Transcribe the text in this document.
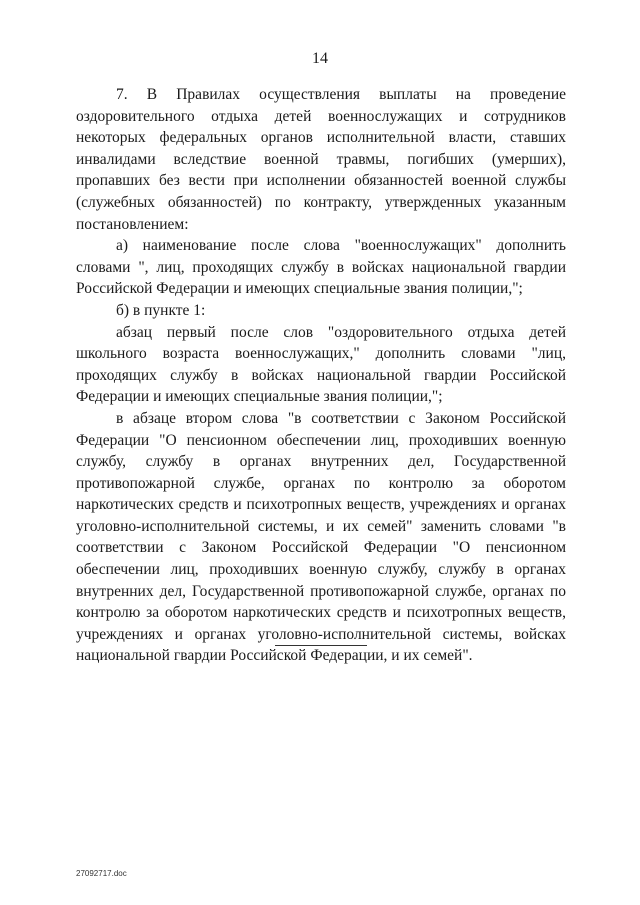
14

7. В Правилах осуществления выплаты на проведение оздоровительного отдыха детей военнослужащих и сотрудников некоторых федеральных органов исполнительной власти, ставших инвалидами вследствие военной травмы, погибших (умерших), пропавших без вести при исполнении обязанностей военной службы (служебных обязанностей) по контракту, утвержденных указанным постановлением:

а) наименование после слова "военнослужащих" дополнить словами ", лиц, проходящих службу в войсках национальной гвардии Российской Федерации и имеющих специальные звания полиции,";

б) в пункте 1:

абзац первый после слов "оздоровительного отдыха детей школьного возраста военнослужащих," дополнить словами "лиц, проходящих службу в войсках национальной гвардии Российской Федерации и имеющих специальные звания полиции,";

в абзаце втором слова "в соответствии с Законом Российской Федерации "О пенсионном обеспечении лиц, проходивших военную службу, службу в органах внутренних дел, Государственной противопожарной службе, органах по контролю за оборотом наркотических средств и психотропных веществ, учреждениях и органах уголовно-исполнительной системы, и их семей" заменить словами "в соответствии с Законом Российской Федерации "О пенсионном обеспечении лиц, проходивших военную службу, службу в органах внутренних дел, Государственной противопожарной службе, органах по контролю за оборотом наркотических средств и психотропных веществ, учреждениях и органах уголовно-исполнительной системы, войсках национальной гвардии Российской Федерации, и их семей".

27092717.doc
